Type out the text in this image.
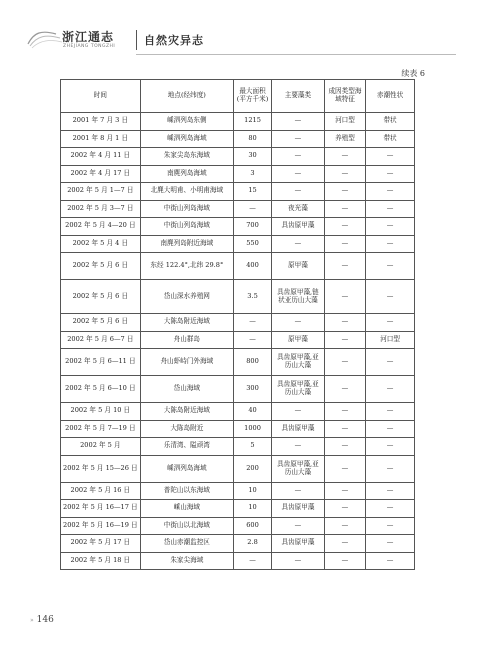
浙江通志
ZHEJIANG TONGZHI	自然灾异志
续表 6
时间	地点(经纬度)	最大面积(平方千米)	主要藻类	成因类型海域特征	赤潮性状
2001 年 7 月 3 日	嵊泗列岛东侧	1215	—	河口型	带状
2001 年 8 月 1 日	嵊泗列岛海域	80	—	养殖型	带状
2002 年 4 月 11 日	朱家尖岛东海域	30	—	—	—
2002 年 4 月 17 日	南麂列岛海域	3	—	—	—
2002 年 5 月 1—7 日	北麂大明甫、小明甫海域	15	—	—	—
2002 年 5 月 3—7 日	中街山列岛海域	—	夜光藻	—	—
2002 年 5 月 4—20 日	中街山列岛海域	700	具齿原甲藻	—	—
2002 年 5 月 4 日	南麂列岛附近海域	550	—	—	—
2002 年 5 月 6 日	东经 122.4°,北纬 29.8°	400	原甲藻	—	—
2002 年 5 月 6 日	岱山深水养殖网	3.5	具齿原甲藻,链状亚历山大藻	—	—
2002 年 5 月 6 日	大陈岛附近海域	—	—	—	—
2002 年 5 月 6—7 日	舟山群岛	—	原甲藻	—	河口型
2002 年 5 月 6—11 日	舟山虾峙门外海域	800	具齿原甲藻,亚历山大藻	—	—
2002 年 5 月 6—10 日	岱山海域	300	具齿原甲藻,亚历山大藻	—	—
2002 年 5 月 10 日	大陈岛附近海域	40	—	—	—
2002 年 5 月 7—19 日	大陈岛附近	1000	具齿原甲藻	—	—
2002 年 5 月	乐清湾、隘顽湾	5	—	—	—
2002 年 5 月 15—26 日	嵊泗列岛海域	200	具齿原甲藻,亚历山大藻	—	—
2002 年 5 月 16 日	普陀山以东海域	10	—	—	—
2002 年 5 月 16—17 日	嵊山海域	10	具齿原甲藻	—	—
2002 年 5 月 16—19 日	中街山以北海域	600	—	—	—
2002 年 5 月 17 日	岱山赤潮监控区	2.8	具齿原甲藻	—	—
2002 年 5 月 18 日	朱家尖海域	—	—	—	—
» 146
